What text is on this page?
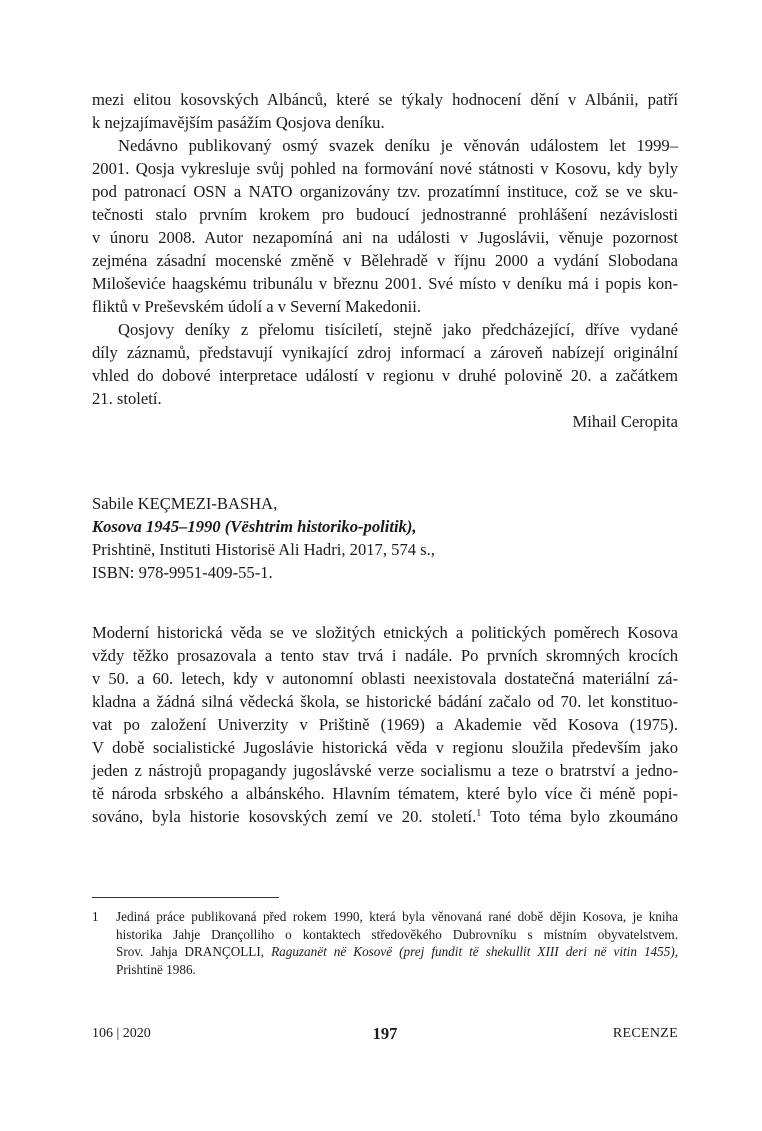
mezi elitou kosovských Albánců, které se týkaly hodnocení dění v Albánii, patří
k nejzajímavějším pasážím Qosjova deníku.
Nedávno publikovaný osmý svazek deníku je věnován událostem let 1999–
2001. Qosja vykresluje svůj pohled na formování nové státnosti v Kosovu, kdy byly
pod patronací OSN a NATO organizovány tzv. prozatímní instituce, což se ve sku-
tečnosti stalo prvním krokem pro budoucí jednostranné prohlášení nezávislosti
v únoru 2008. Autor nezapomíná ani na události v Jugoslávii, věnuje pozornost
zejména zásadní mocenské změně v Bělehradě v říjnu 2000 a vydání Slobodana
Miloševiće haagskému tribunálu v březnu 2001. Své místo v deníku má i popis kon-
fliktů v Preševském údolí a v Severní Makedonii.
Qosjovy deníky z přelomu tisíciletí, stejně jako předcházející, dříve vydané
díly záznamů, představují vynikající zdroj informací a zároveň nabízejí originální
vhled do dobové interpretace událostí v regionu v druhé polovině 20. a začátkem
21. století.
Mihail Ceropita
Sabile KEÇMEZI-BASHA,
Kosova 1945–1990 (Vështrim historiko-politik),
Prishtinë, Instituti Historisë Ali Hadri, 2017, 574 s.,
ISBN: 978-9951-409-55-1.
Moderní historická věda se ve složitých etnických a politických poměrech Kosova
vždy těžko prosazovala a tento stav trvá i nadále. Po prvních skromných krocích
v 50. a 60. letech, kdy v autonomní oblasti neexistovala dostatečná materiální zá-
kladna a žádná silná vědecká škola, se historické bádání začalo od 70. let konstituo-
vat po založení Univerzity v Prištině (1969) a Akademie věd Kosova (1975).
V době socialistické Jugoslávie historická věda v regionu sloužila především jako
jeden z nástrojů propagandy jugoslávské verze socialismu a teze o bratrství a jedno-
tě národa srbského a albánského. Hlavním tématem, které bylo více či méně popi-
sováno, byla historie kosovských zemí ve 20. století.$^1$ Toto téma bylo zkoumáno
1 Jediná práce publikovaná před rokem 1990, která byla věnovaná rané době dějin Kosova, je kniha
historika Jahje Drançolliho o kontaktech středověkého Dubrovníku s místním obyvatelstvem.
Srov. Jahja DRANÇOLLI, Raguzanët në Kosovë (prej fundit të shekullit XIII deri në vitin 1455),
Prishtinë 1986.
106 | 2020	197	RECENZE
